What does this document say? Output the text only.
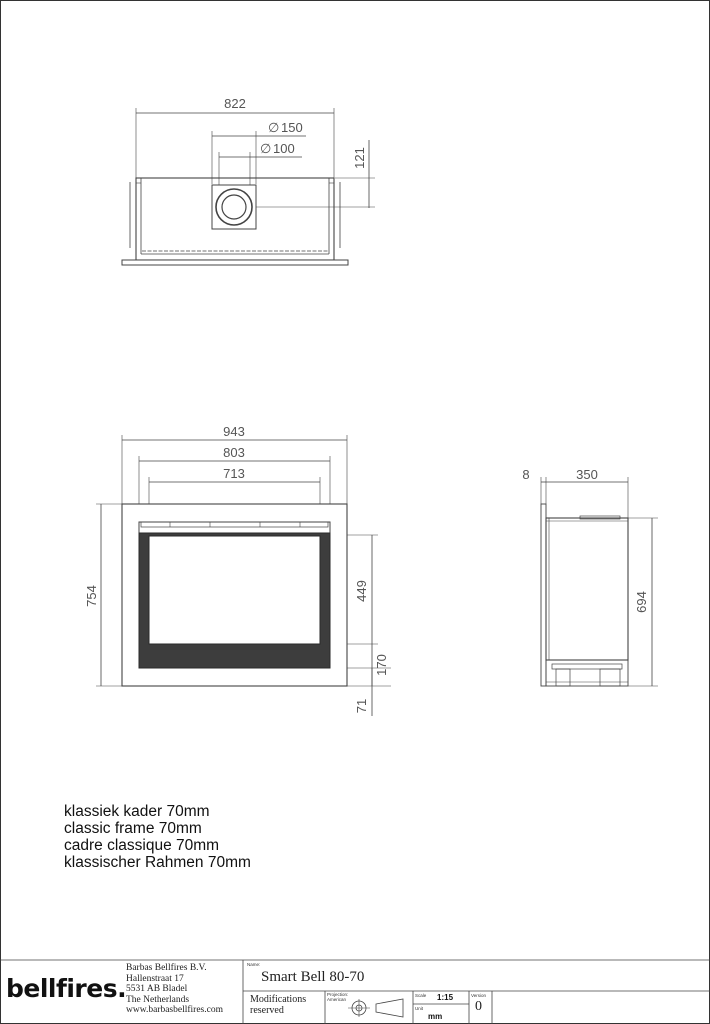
822
∅ 150
∅ 100	121
943
803
713
754	449
170
71
8	350
694
klassiek kader 70mm
classic frame 70mm
cadre classique 70mm
klassischer Rahmen 70mm
bellfires.
Barbas Bellfires B.V.
Hallenstraat 17
5531 AB Bladel
The Netherlands
www.barbasbellfires.com
Name:
Smart Bell 80-70
Modifications
reserved
Projection:
American
Scale 1:15
Unit
mm
Version
0
